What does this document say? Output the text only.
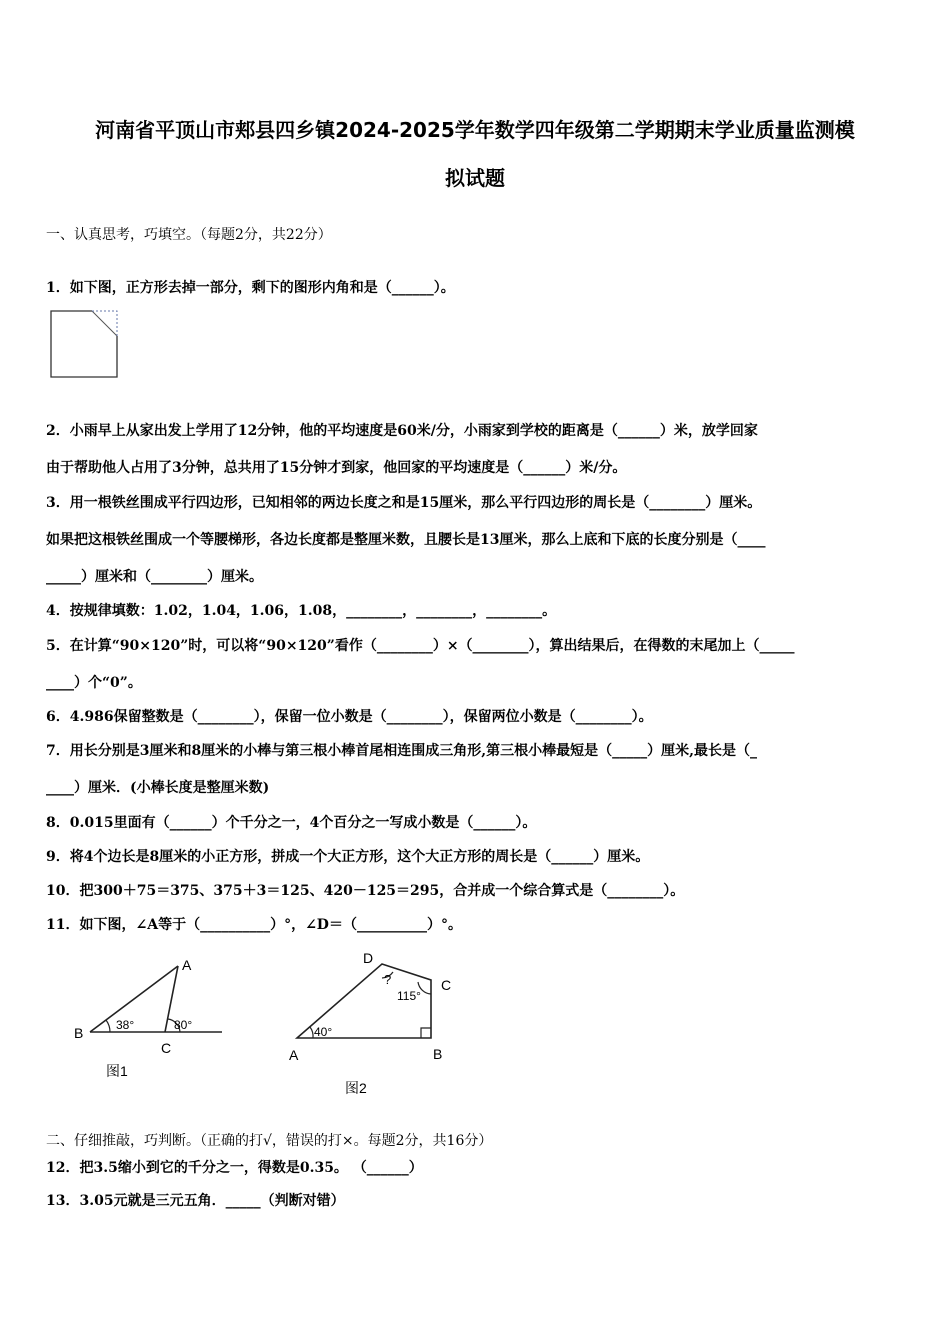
河南省平顶山市郏县四乡镇2024-2025学年数学四年级第二学期期末学业质量监测模
拟试题
一、认真思考，巧填空。（每题2分，共22分）
1．如下图，正方形去掉一部分，剩下的图形内角和是（______）。
2．小雨早上从家出发上学用了12分钟，他的平均速度是60米/分，小雨家到学校的距离是（______）米，放学回家
由于帮助他人占用了3分钟，总共用了15分钟才到家，他回家的平均速度是（______）米/分。
3．用一根铁丝围成平行四边形，已知相邻的两边长度之和是15厘米，那么平行四边形的周长是（________）厘米。
如果把这根铁丝围成一个等腰梯形，各边长度都是整厘米数，且腰长是13厘米，那么上底和下底的长度分别是（____
_____）厘米和（________）厘米。
4．按规律填数：1.02，1.04，1.06，1.08，________，________，________。
5．在计算“90×120”时，可以将“90×120”看作（________）×（________），算出结果后，在得数的末尾加上（_____
____）个“0”。
6．4.986保留整数是（________），保留一位小数是（________），保留两位小数是（________）。
7．用长分别是3厘米和8厘米的小棒与第三根小棒首尾相连围成三角形,第三根小棒最短是（_____）厘米,最长是（_
____）厘米．(小棒长度是整厘米数)
8．0.015里面有（______）个千分之一，4个百分之一写成小数是（______）。
9．将4个边长是8厘米的小正方形，拼成一个大正方形，这个大正方形的周长是（______）厘米。
10．把300＋75＝375、375＋3＝125、420－125＝295，合并成一个综合算式是（________）。
11．如下图，∠A等于（__________）°，∠D＝（__________）°。
A
B
C
38°	80°
图1
D
C
A	B
40°
115°
?
图2
二、仔细推敲，巧判断。（正确的打√，错误的打×。每题2分，共16分）
12．把3.5缩小到它的千分之一，得数是0.35。 （______）
13．3.05元就是三元五角．_____（判断对错）
